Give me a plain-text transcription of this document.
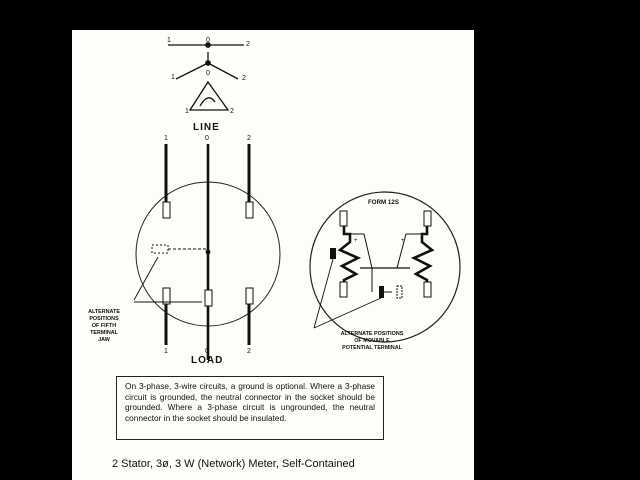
1	0
2
1
0
2
1	2
LINE
1	0	2
ALTERNATE
POSITIONS
OF FIFTH
TERMINAL
JAW
1	0	2
LOAD
+	+
FORM 12S
ALTERNATE POSITIONS
OF MOVABLE
POTENTIAL TERMINAL
On 3-phase, 3-wire circuits, a ground is optional. Where a 3-phase circuit is grounded, the neutral connector in the socket should be grounded. Where a 3-phase circuit is ungrounded, the neutral connector in the socket should be insulated.
2 Stator, 3ø, 3 W (Network) Meter, Self-Contained
